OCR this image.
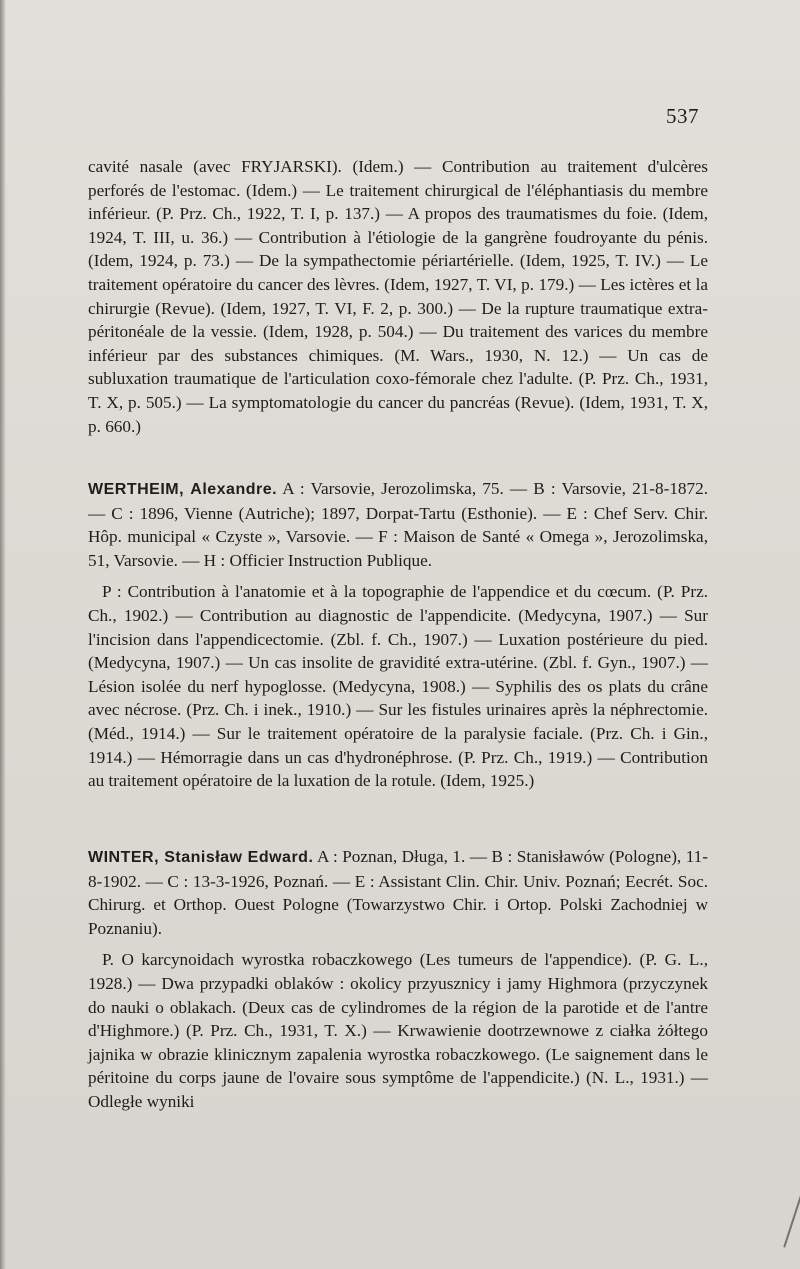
537

cavité nasale (avec FRYJARSKI). (Idem.) — Contribution au traitement d'ulcères perforés de l'estomac. (Idem.) — Le traitement chirurgical de l'éléphantiasis du membre inférieur. (P. Prz. Ch., 1922, T. I, p. 137.) — A propos des traumatismes du foie. (Idem, 1924, T. III, u. 36.) — Contribution à l'étiologie de la gangrène foudroyante du pénis. (Idem, 1924, p. 73.) — De la sympathectomie périartérielle. (Idem, 1925, T. IV.) — Le traitement opératoire du cancer des lèvres. (Idem, 1927, T. VI, p. 179.) — Les ictères et la chirurgie (Revue). (Idem, 1927, T. VI, F. 2, p. 300.) — De la rupture traumatique extra-péritonéale de la vessie. (Idem, 1928, p. 504.) — Du traitement des varices du membre inférieur par des substances chimiques. (M. Wars., 1930, N. 12.) — Un cas de subluxation traumatique de l'articulation coxo-fémorale chez l'adulte. (P. Prz. Ch., 1931, T. X, p. 505.) — La symptomatologie du cancer du pancréas (Revue). (Idem, 1931, T. X, p. 660.)

WERTHEIM, Alexandre. A : Varsovie, Jerozolimska, 75. — B : Varsovie, 21-8-1872. — C : 1896, Vienne (Autriche); 1897, Dorpat-Tartu (Esthonie). — E : Chef Serv. Chir. Hôp. municipal « Czyste », Varsovie. — F : Maison de Santé « Omega », Jerozolimska, 51, Varsovie. — H : Officier Instruction Publique.

P : Contribution à l'anatomie et à la topographie de l'appendice et du cœcum. (P. Prz. Ch., 1902.) — Contribution au diagnostic de l'appendicite. (Medycyna, 1907.) — Sur l'incision dans l'appendicectomie. (Zbl. f. Ch., 1907.) — Luxation postérieure du pied. (Medycyna, 1907.) — Un cas insolite de gravidité extra-utérine. (Zbl. f. Gyn., 1907.) — Lésion isolée du nerf hypoglosse. (Medycyna, 1908.) — Syphilis des os plats du crâne avec nécrose. (Prz. Ch. i inek., 1910.) — Sur les fistules urinaires après la néphrectomie. (Méd., 1914.) — Sur le traitement opératoire de la paralysie faciale. (Prz. Ch. i Gin., 1914.) — Hémorragie dans un cas d'hydronéphrose. (P. Prz. Ch., 1919.) — Contribution au traitement opératoire de la luxation de la rotule. (Idem, 1925.)

WINTER, Stanisław Edward. A : Poznan, Długa, 1. — B : Stanisławów (Pologne), 11-8-1902. — C : 13-3-1926, Poznań. — E : Assistant Clin. Chir. Univ. Poznań; Eecrét. Soc. Chirurg. et Orthop. Ouest Pologne (Towarzystwo Chir. i Ortop. Polski Zachodniej w Poznaniu).

P. O karcynoidach wyrostka robaczkowego (Les tumeurs de l'appendice). (P. G. L., 1928.) — Dwa przypadki oblaków : okolicy przyusznicy i jamy Highmora (przyczynek do nauki o oblakach. (Deux cas de cylindromes de la région de la parotide et de l'antre d'Highmore.) (P. Prz. Ch., 1931, T. X.) — Krwawienie dootrzewnowe z ciałka żółtego jajnika w obrazie klinicznym zapalenia wyrostka robaczkowego. (Le saignement dans le péritoine du corps jaune de l'ovaire sous symptôme de l'appendicite.) (N. L., 1931.) — Odległe wyniki
